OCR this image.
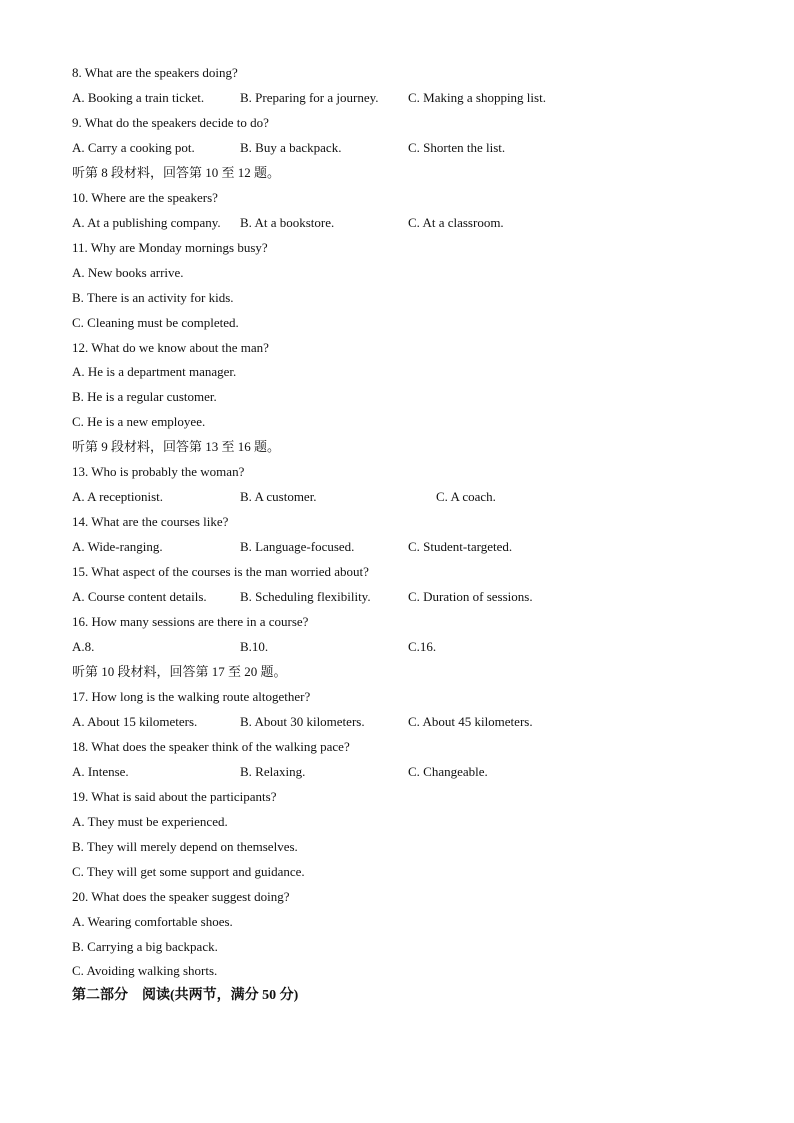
8. What are the speakers doing?
A. Booking a train ticket.	B. Preparing for a journey. C. Making a shopping list.
9. What do the speakers decide to do?
A. Carry a cooking pot.	B. Buy a backpack.	C. Shorten the list.
听第 8 段材料，回答第 10 至 12 题。
10. Where are the speakers?
A. At a publishing company. B. At a bookstore.	C. At a classroom.
11. Why are Monday mornings busy?
A. New books arrive.
B. There is an activity for kids.
C. Cleaning must be completed.
12. What do we know about the man?
A. He is a department manager.
B. He is a regular customer.
C. He is a new employee.
听第 9 段材料，回答第 13 至 16 题。
13. Who is probably the woman?
A. A receptionist.	B. A customer.	C. A coach.
14. What are the courses like?
A. Wide-ranging.	B. Language-focused.	C. Student-targeted.
15. What aspect of the courses is the man worried about?
A. Course content details.	B. Scheduling flexibility.	C. Duration of sessions.
16. How many sessions are there in a course?
A.8.	B.10.	C.16.
听第 10 段材料，回答第 17 至 20 题。
17. How long is the walking route altogether?
A. About 15 kilometers.	B. About 30 kilometers.	C. About 45 kilometers.
18. What does the speaker think of the walking pace?
A. Intense.	B. Relaxing.	C. Changeable.
19. What is said about the participants?
A. They must be experienced.
B. They will merely depend on themselves.
C. They will get some support and guidance.
20. What does the speaker suggest doing?
A. Wearing comfortable shoes.
B. Carrying a big backpack.
C. Avoiding walking shorts.
第二部分　阅读(共两节，满分 50 分)
